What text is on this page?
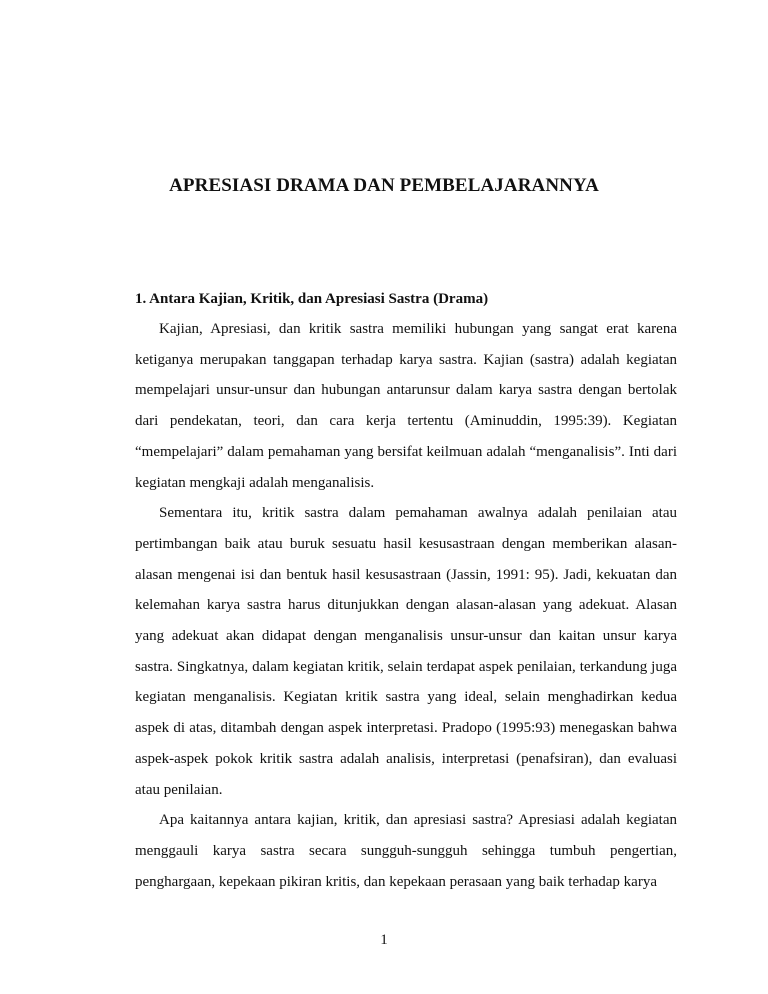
APRESIASI DRAMA DAN PEMBELAJARANNYA
1. Antara Kajian, Kritik, dan Apresiasi Sastra (Drama)

Kajian, Apresiasi, dan kritik sastra memiliki hubungan yang sangat erat karena ketiganya merupakan tanggapan terhadap karya sastra. Kajian (sastra) adalah kegiatan mempelajari unsur-unsur dan hubungan antarunsur dalam karya sastra dengan bertolak dari pendekatan, teori, dan cara kerja tertentu (Aminuddin, 1995:39). Kegiatan “mempelajari” dalam pemahaman yang bersifat keilmuan adalah “menganalisis”. Inti dari kegiatan mengkaji adalah menganalisis.

Sementara itu, kritik sastra dalam pemahaman awalnya adalah penilaian atau pertimbangan baik atau buruk sesuatu hasil kesusastraan dengan memberikan alasan-alasan mengenai isi dan bentuk hasil kesusastraan (Jassin, 1991: 95). Jadi, kekuatan dan kelemahan karya sastra harus ditunjukkan dengan alasan-alasan yang adekuat. Alasan yang adekuat akan didapat dengan menganalisis unsur-unsur dan kaitan unsur karya sastra. Singkatnya, dalam kegiatan kritik, selain terdapat aspek penilaian, terkandung juga kegiatan menganalisis. Kegiatan kritik sastra yang ideal, selain menghadirkan kedua aspek di atas, ditambah dengan aspek interpretasi. Pradopo (1995:93) menegaskan bahwa aspek-aspek pokok kritik sastra adalah analisis, interpretasi (penafsiran), dan evaluasi atau penilaian.

Apa kaitannya antara kajian, kritik, dan apresiasi sastra? Apresiasi adalah kegiatan menggauli karya sastra secara sungguh-sungguh sehingga tumbuh pengertian, penghargaan, kepekaan pikiran kritis, dan kepekaan perasaan yang baik terhadap karya

1
